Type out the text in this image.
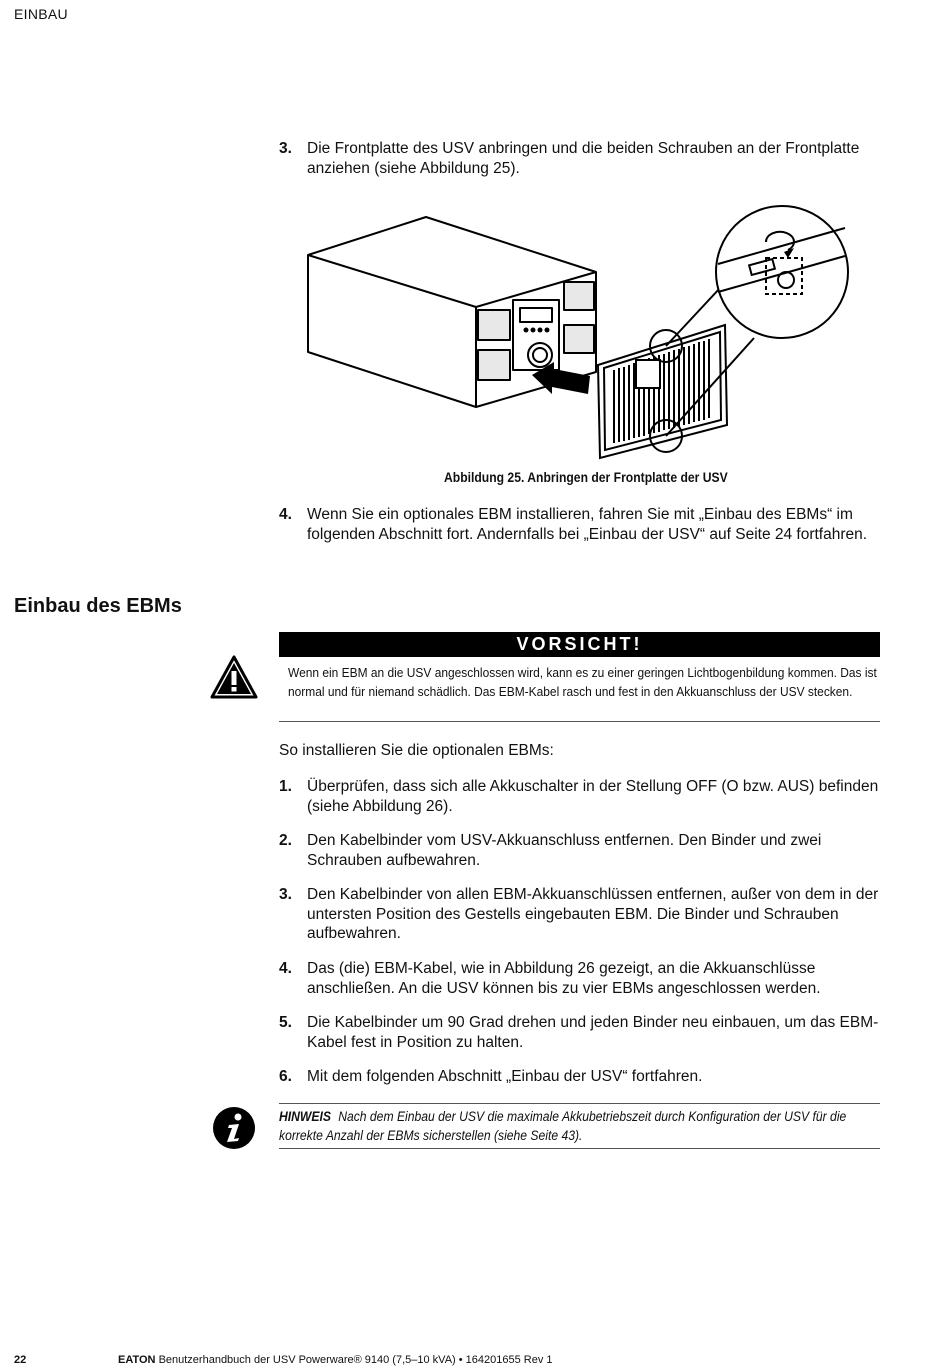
EINBAU
3. Die Frontplatte des USV anbringen und die beiden Schrauben an der Frontplatte anziehen (siehe Abbildung 25).
Abbildung 25. Anbringen der Frontplatte der USV
4. Wenn Sie ein optionales EBM installieren, fahren Sie mit „Einbau des EBMs“ im folgenden Abschnitt fort. Andernfalls bei „Einbau der USV“ auf Seite 24 fortfahren.
Einbau des EBMs
VORSICHT!
Wenn ein EBM an die USV angeschlossen wird, kann es zu einer geringen Lichtbogenbildung kommen. Das ist normal und für niemand schädlich. Das EBM-Kabel rasch und fest in den Akkuanschluss der USV stecken.
So installieren Sie die optionalen EBMs:
1. Überprüfen, dass sich alle Akkuschalter in der Stellung OFF (O bzw. AUS) befinden (siehe Abbildung 26).
2. Den Kabelbinder vom USV-Akkuanschluss entfernen. Den Binder und zwei Schrauben aufbewahren.
3. Den Kabelbinder von allen EBM-Akkuanschlüssen entfernen, außer von dem in der untersten Position des Gestells eingebauten EBM. Die Binder und Schrauben aufbewahren.
4. Das (die) EBM-Kabel, wie in Abbildung 26 gezeigt, an die Akkuanschlüsse anschließen. An die USV können bis zu vier EBMs angeschlossen werden.
5. Die Kabelbinder um 90 Grad drehen und jeden Binder neu einbauen, um das EBM-Kabel fest in Position zu halten.
6. Mit dem folgenden Abschnitt „Einbau der USV“ fortfahren.
HINWEIS Nach dem Einbau der USV die maximale Akkubetriebszeit durch Konfiguration der USV für die korrekte Anzahl der EBMs sicherstellen (siehe Seite 43).
22	EATON Benutzerhandbuch der USV Powerware® 9140 (7,5–10 kVA) • 164201655 Rev 1
